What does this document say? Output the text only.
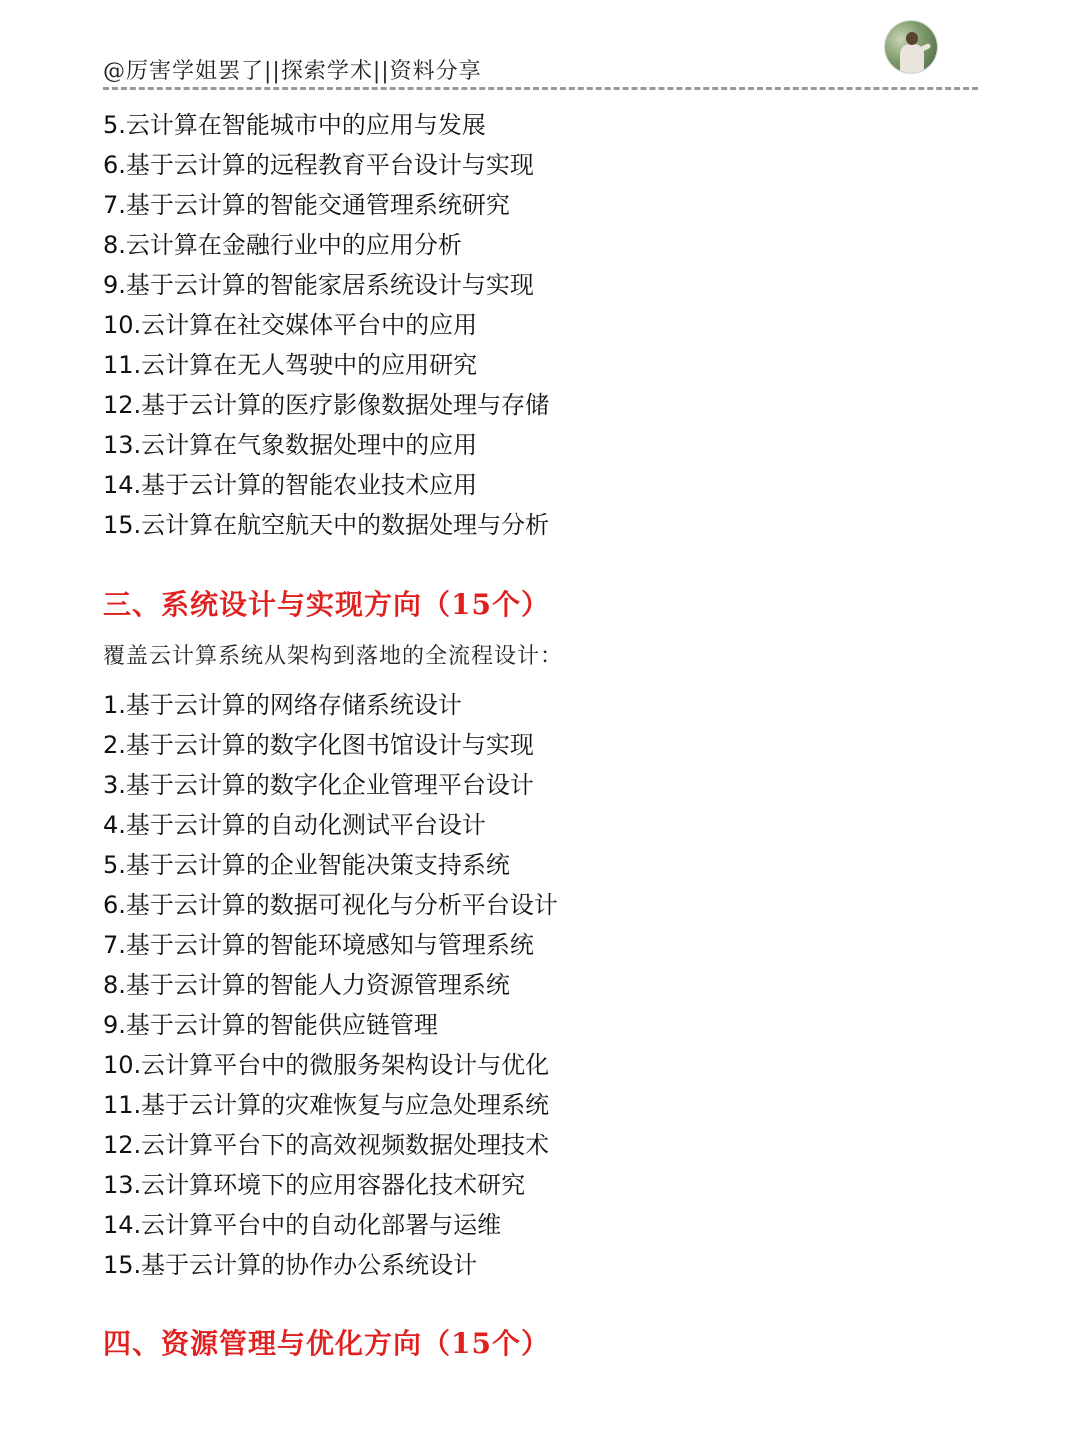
@厉害学姐罢了||探索学术||资料分享
5.云计算在智能城市中的应用与发展
6.基于云计算的远程教育平台设计与实现
7.基于云计算的智能交通管理系统研究
8.云计算在金融行业中的应用分析
9.基于云计算的智能家居系统设计与实现
10.云计算在社交媒体平台中的应用
11.云计算在无人驾驶中的应用研究
12.基于云计算的医疗影像数据处理与存储
13.云计算在气象数据处理中的应用
14.基于云计算的智能农业技术应用
15.云计算在航空航天中的数据处理与分析
三、系统设计与实现方向（15个）
覆盖云计算系统从架构到落地的全流程设计：
1.基于云计算的网络存储系统设计
2.基于云计算的数字化图书馆设计与实现
3.基于云计算的数字化企业管理平台设计
4.基于云计算的自动化测试平台设计
5.基于云计算的企业智能决策支持系统
6.基于云计算的数据可视化与分析平台设计
7.基于云计算的智能环境感知与管理系统
8.基于云计算的智能人力资源管理系统
9.基于云计算的智能供应链管理
10.云计算平台中的微服务架构设计与优化
11.基于云计算的灾难恢复与应急处理系统
12.云计算平台下的高效视频数据处理技术
13.云计算环境下的应用容器化技术研究
14.云计算平台中的自动化部署与运维
15.基于云计算的协作办公系统设计
四、资源管理与优化方向（15个）
